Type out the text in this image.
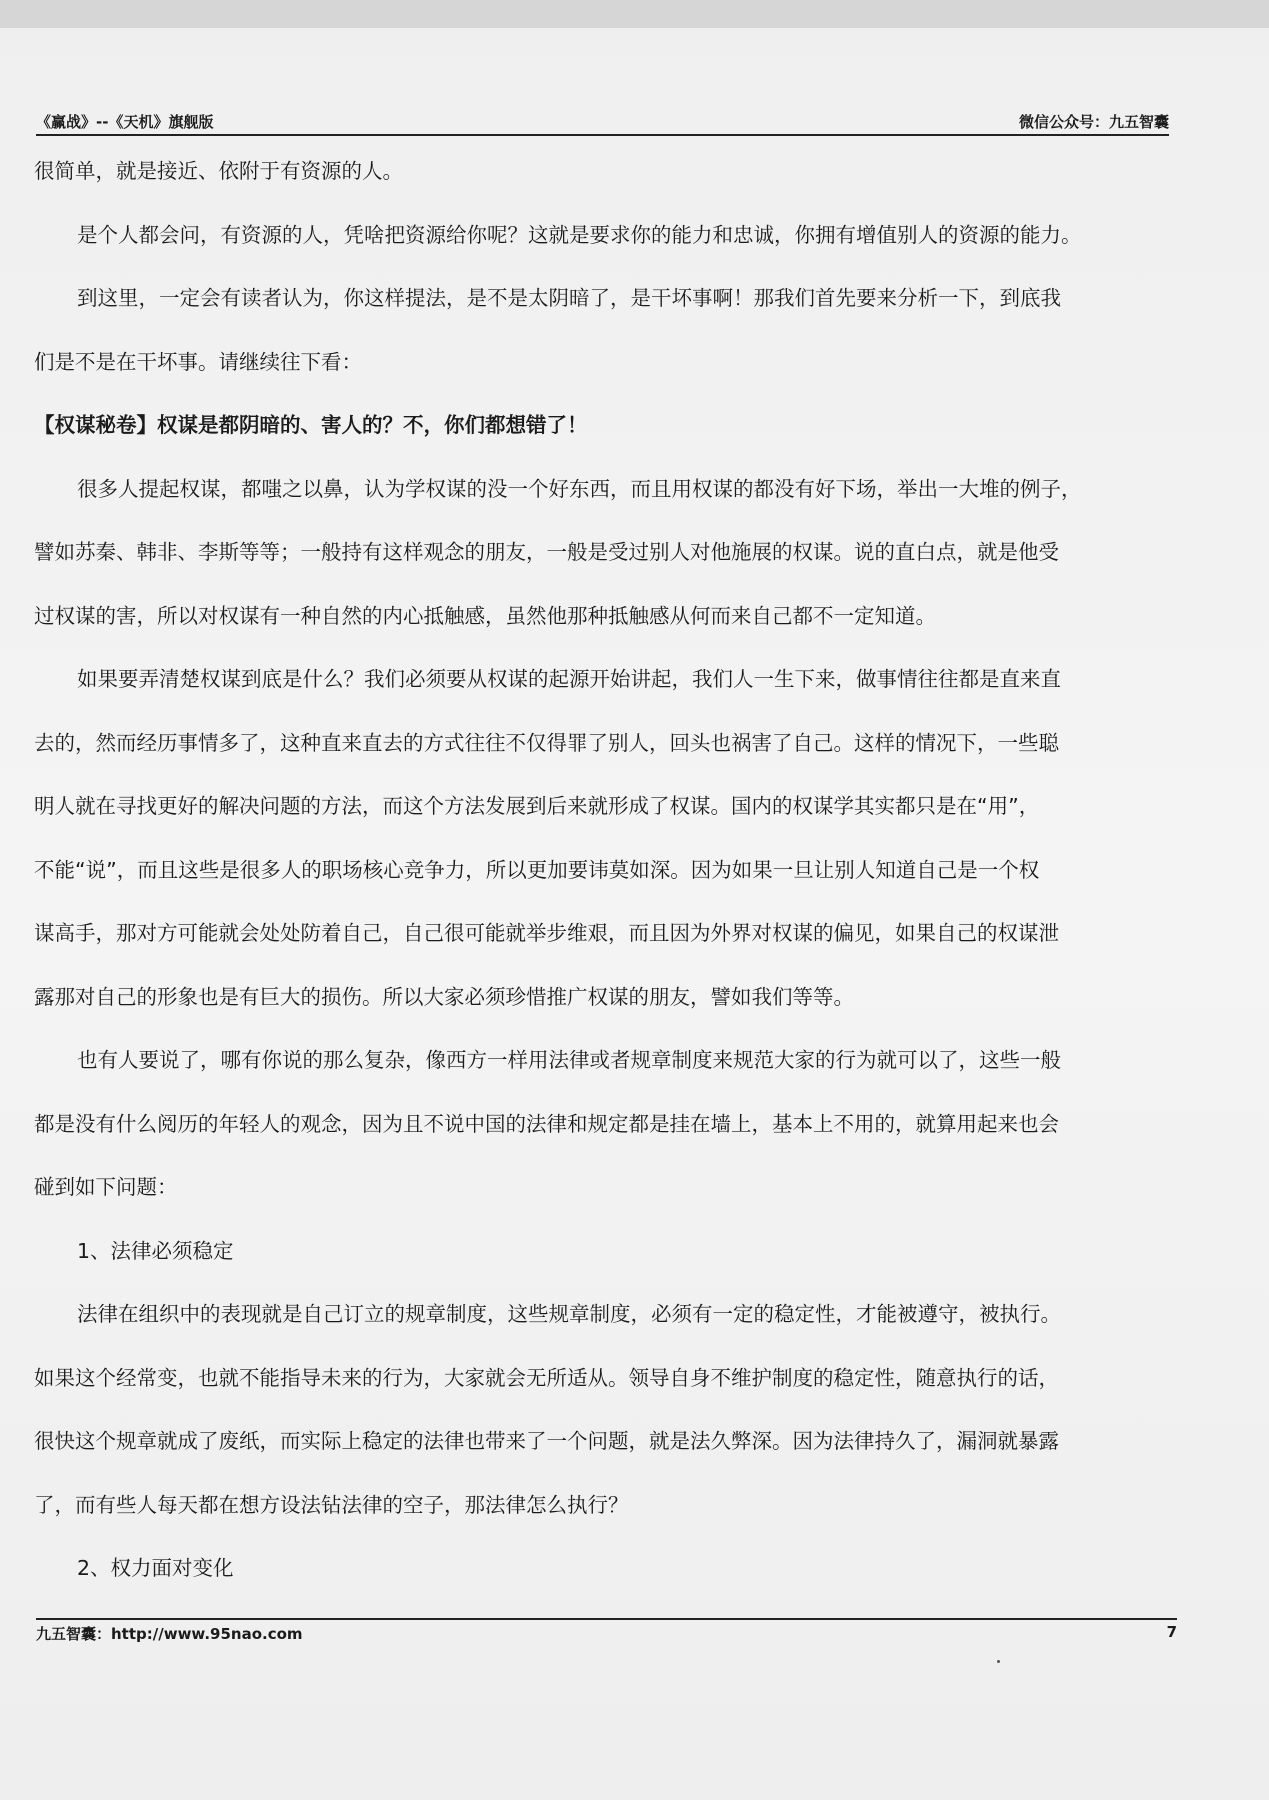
《赢战》--《天机》旗舰版	微信公众号：九五智囊

很简单，就是接近、依附于有资源的人。

是个人都会问，有资源的人，凭啥把资源给你呢？这就是要求你的能力和忠诚，你拥有增值别人的资源的能力。

到这里，一定会有读者认为，你这样提法，是不是太阴暗了，是干坏事啊！那我们首先要来分析一下，到底我

们是不是在干坏事。请继续往下看：

【权谋秘卷】权谋是都阴暗的、害人的？不，你们都想错了！

很多人提起权谋，都嗤之以鼻，认为学权谋的没一个好东西，而且用权谋的都没有好下场，举出一大堆的例子，

譬如苏秦、韩非、李斯等等；一般持有这样观念的朋友，一般是受过别人对他施展的权谋。说的直白点，就是他受

过权谋的害，所以对权谋有一种自然的内心抵触感，虽然他那种抵触感从何而来自己都不一定知道。

如果要弄清楚权谋到底是什么？我们必须要从权谋的起源开始讲起，我们人一生下来，做事情往往都是直来直

去的，然而经历事情多了，这种直来直去的方式往往不仅得罪了别人，回头也祸害了自己。这样的情况下，一些聪

明人就在寻找更好的解决问题的方法，而这个方法发展到后来就形成了权谋。国内的权谋学其实都只是在“用”，

不能“说”，而且这些是很多人的职场核心竞争力，所以更加要讳莫如深。因为如果一旦让别人知道自己是一个权

谋高手，那对方可能就会处处防着自己，自己很可能就举步维艰，而且因为外界对权谋的偏见，如果自己的权谋泄

露那对自己的形象也是有巨大的损伤。所以大家必须珍惜推广权谋的朋友，譬如我们等等。

也有人要说了，哪有你说的那么复杂，像西方一样用法律或者规章制度来规范大家的行为就可以了，这些一般

都是没有什么阅历的年轻人的观念，因为且不说中国的法律和规定都是挂在墙上，基本上不用的，就算用起来也会

碰到如下问题：

1、法律必须稳定

法律在组织中的表现就是自己订立的规章制度，这些规章制度，必须有一定的稳定性，才能被遵守，被执行。

如果这个经常变，也就不能指导未来的行为，大家就会无所适从。领导自身不维护制度的稳定性，随意执行的话，

很快这个规章就成了废纸，而实际上稳定的法律也带来了一个问题，就是法久弊深。因为法律持久了，漏洞就暴露

了，而有些人每天都在想方设法钻法律的空子，那法律怎么执行？

2、权力面对变化

九五智囊：http://www.95nao.com	7
